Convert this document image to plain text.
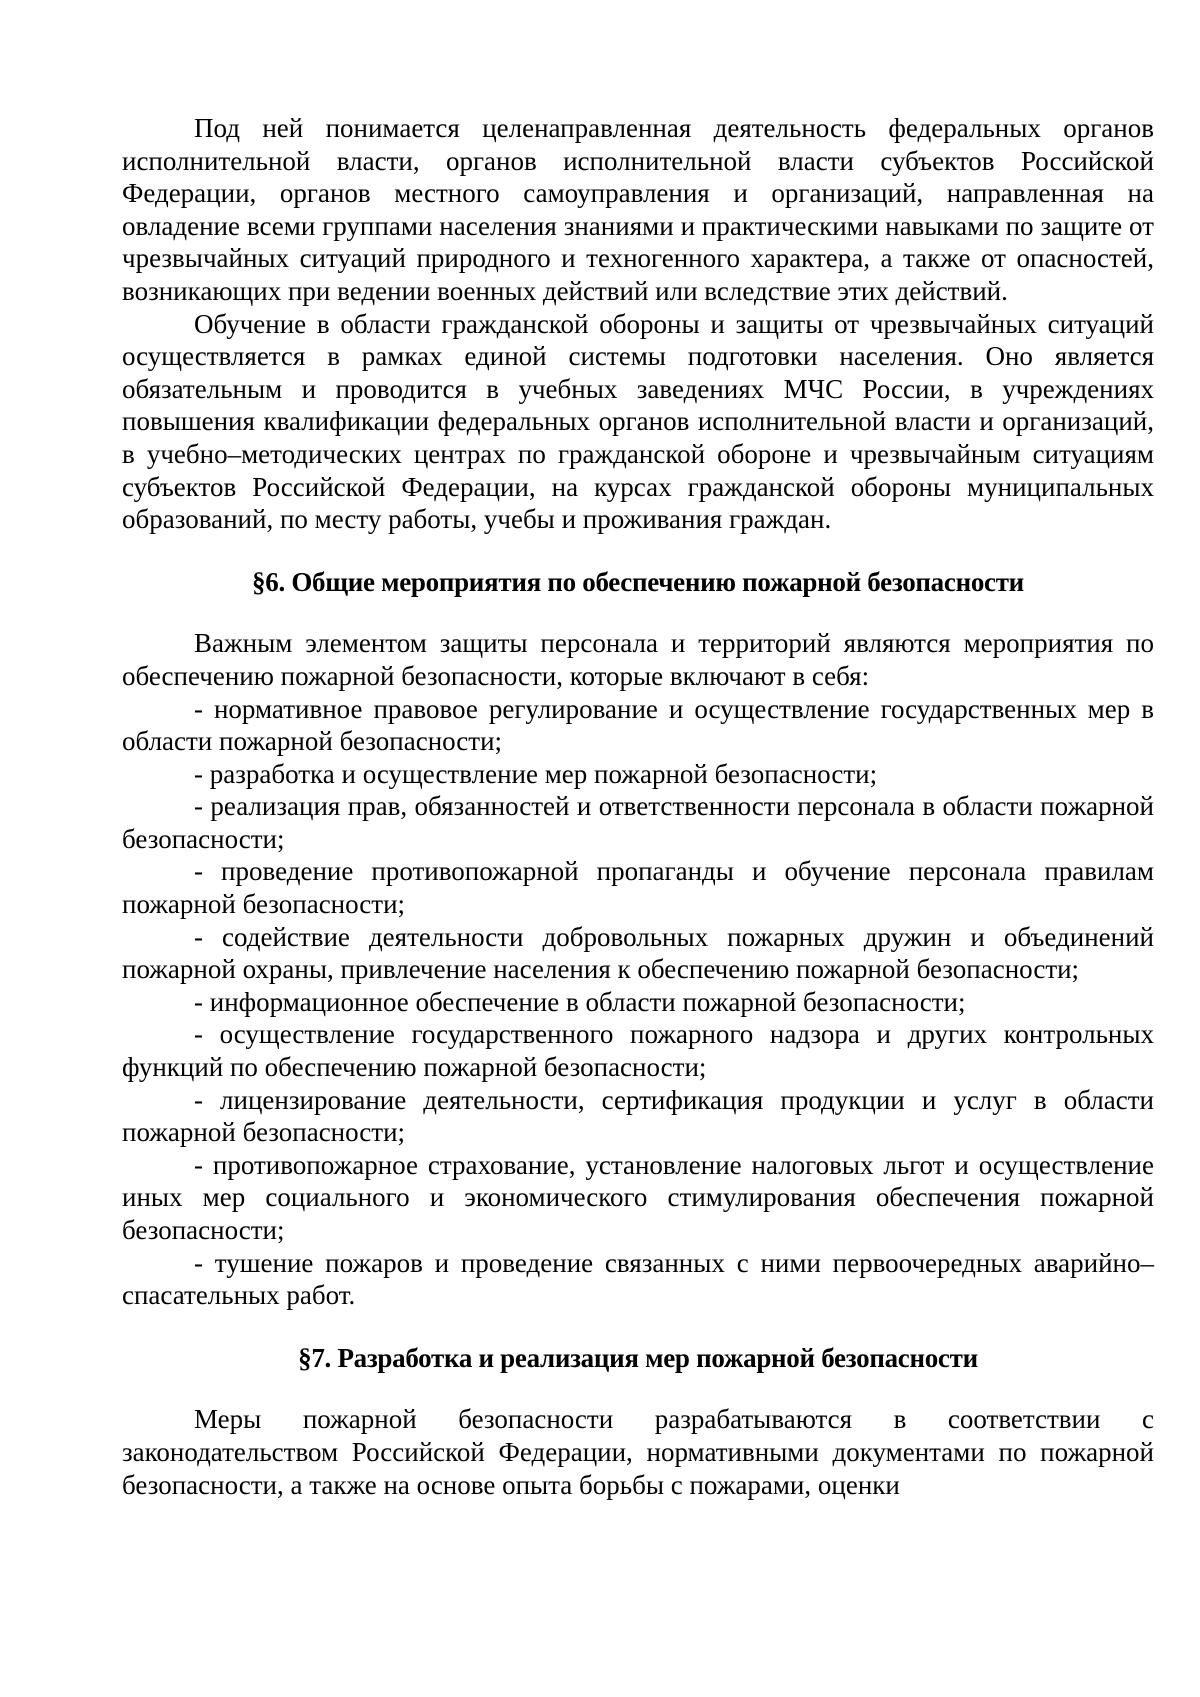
Под ней понимается целенаправленная деятельность федеральных органов исполнительной власти, органов исполнительной власти субъектов Российской Федерации, органов местного самоуправления и организаций, направленная на овладение всеми группами населения знаниями и практическими навыками по защите от чрезвычайных ситуаций природного и техногенного характера, а также от опасностей, возникающих при ведении военных действий или вследствие этих действий.

Обучение в области гражданской обороны и защиты от чрезвычайных ситуаций осуществляется в рамках единой системы подготовки населения. Оно является обязательным и проводится в учебных заведениях МЧС России, в учреждениях повышения квалификации федеральных органов исполнительной власти и организаций, в учебно–методических центрах по гражданской обороне и чрезвычайным ситуациям субъектов Российской Федерации, на курсах гражданской обороны муниципальных образований, по месту работы, учебы и проживания граждан.

§6. Общие мероприятия по обеспечению пожарной безопасности

Важным элементом защиты персонала и территорий являются мероприятия по обеспечению пожарной безопасности, которые включают в себя:

- нормативное правовое регулирование и осуществление государственных мер в области пожарной безопасности;

- разработка и осуществление мер пожарной безопасности;

- реализация прав, обязанностей и ответственности персонала в области пожарной безопасности;

- проведение противопожарной пропаганды и обучение персонала правилам пожарной безопасности;

- содействие деятельности добровольных пожарных дружин и объединений пожарной охраны, привлечение населения к обеспечению пожарной безопасности;

- информационное обеспечение в области пожарной безопасности;

- осуществление государственного пожарного надзора и других контрольных функций по обеспечению пожарной безопасности;

- лицензирование деятельности, сертификация продукции и услуг в области пожарной безопасности;

- противопожарное страхование, установление налоговых льгот и осуществление иных мер социального и экономического стимулирования обеспечения пожарной безопасности;

- тушение пожаров и проведение связанных с ними первоочередных аварийно–спасательных работ.

§7. Разработка и реализация мер пожарной безопасности

Меры пожарной безопасности разрабатываются в соответствии с законодательством Российской Федерации, нормативными документами по пожарной безопасности, а также на основе опыта борьбы с пожарами, оценки
